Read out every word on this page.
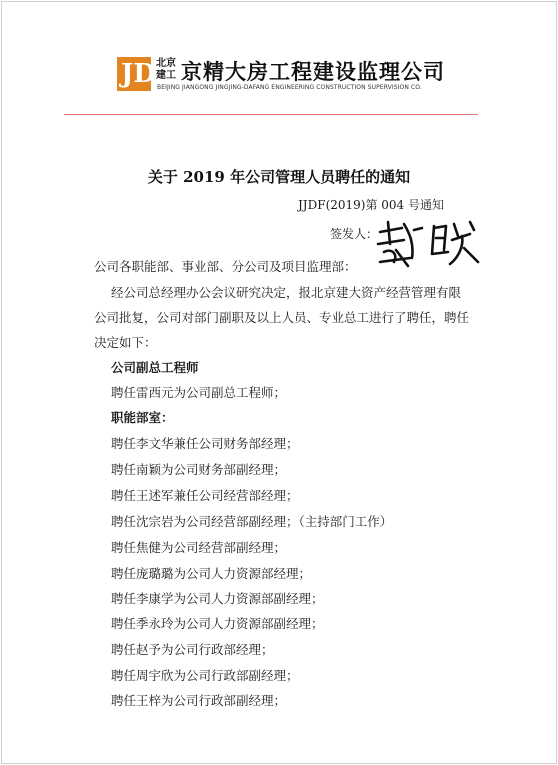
JD 北京
建工 京精大房工程建设监理公司
BEIJING JIANGONG JINGJING-DAFANG ENGINEERING CONSTRUCTION SUPERVISION CO.
关于 2019 年公司管理人员聘任的通知
JJDF(2019)第 004 号通知
签发人：
公司各职能部、事业部、分公司及项目监理部：
经公司总经理办公会议研究决定，报北京建大资产经营管理有限
公司批复，公司对部门副职及以上人员、专业总工进行了聘任，聘任
决定如下：
公司副总工程师
聘任雷西元为公司副总工程师；
职能部室：
聘任李文华兼任公司财务部经理；
聘任南颖为公司财务部副经理；
聘任王述军兼任公司经营部经理；
聘任沈宗岩为公司经营部副经理；（主持部门工作）
聘任焦健为公司经营部副经理；
聘任庞璐璐为公司人力资源部经理；
聘任李康学为公司人力资源部副经理；
聘任季永玲为公司人力资源部副经理；
聘任赵予为公司行政部经理；
聘任周宇欣为公司行政部副经理；
聘任王梓为公司行政部副经理；
